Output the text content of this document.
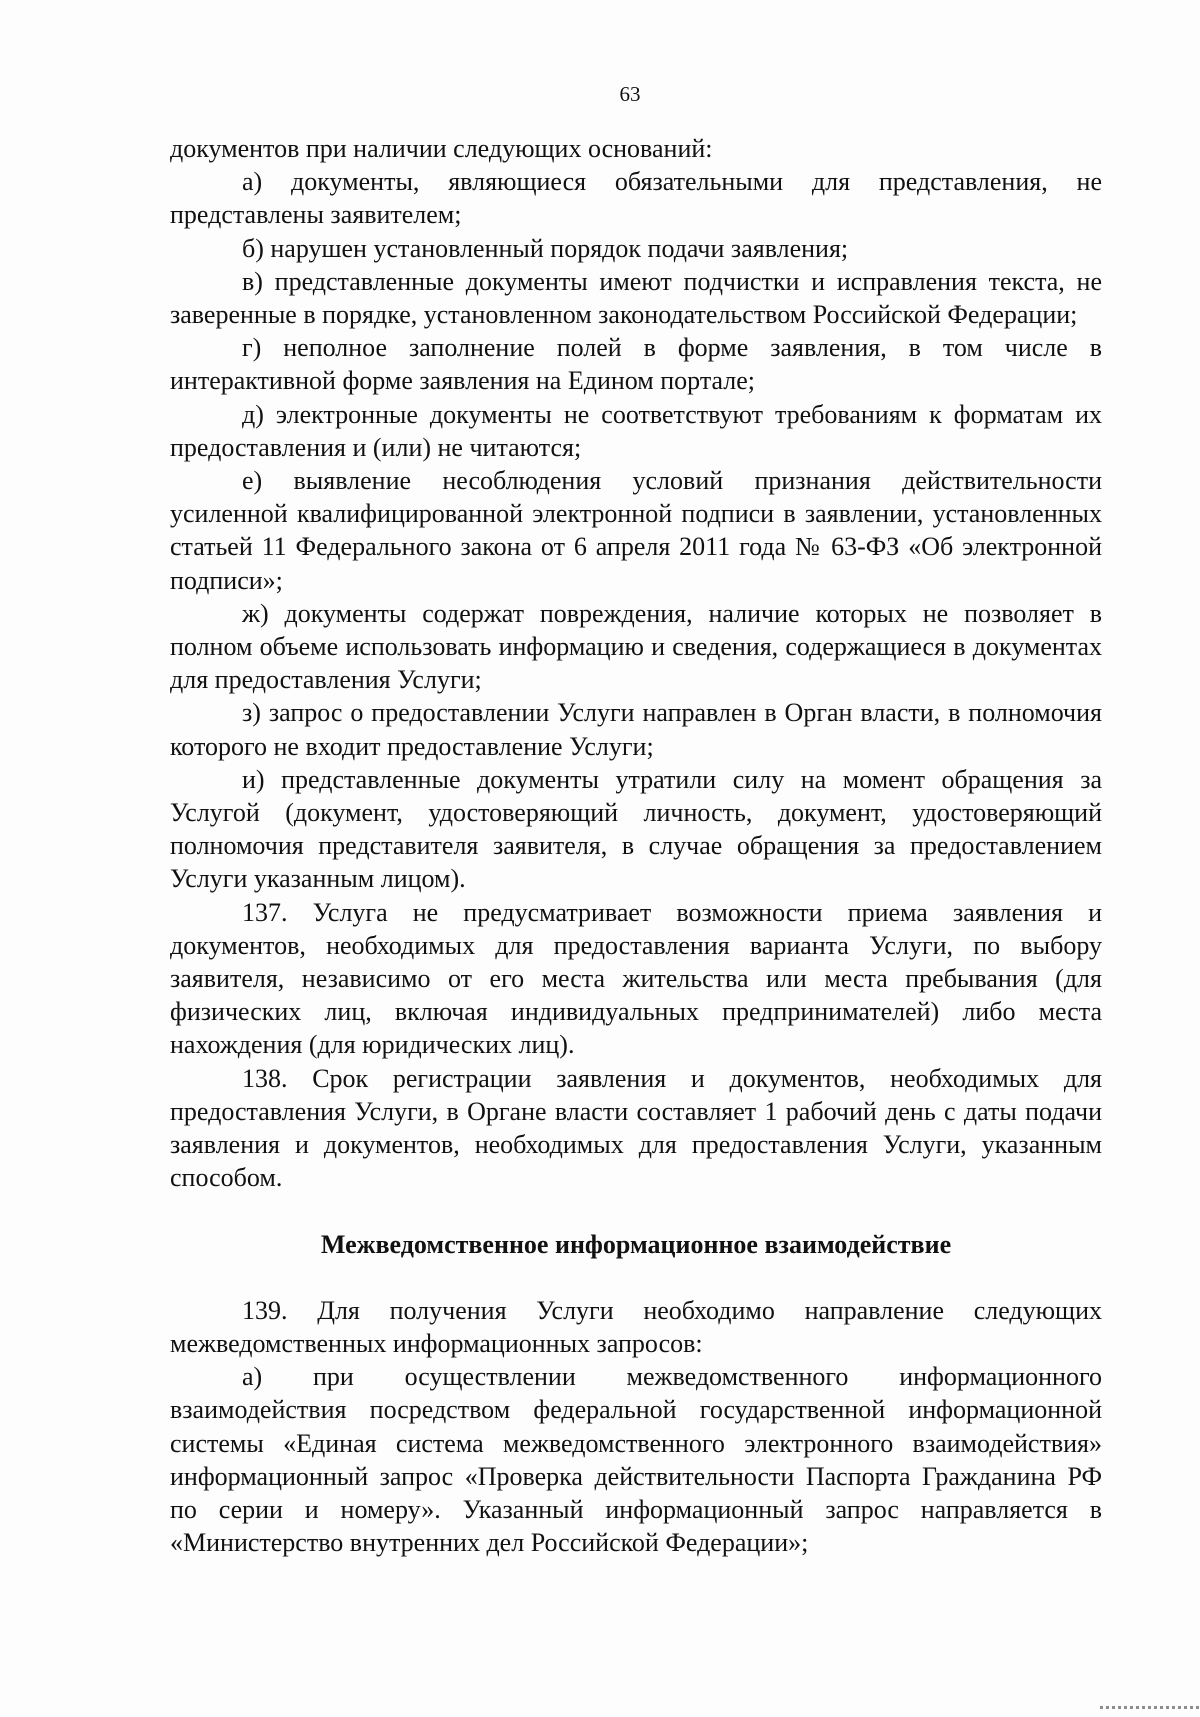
63

документов при наличии следующих оснований:

а) документы, являющиеся обязательными для представления, не представлены заявителем;

б) нарушен установленный порядок подачи заявления;

в) представленные документы имеют подчистки и исправления текста, не заверенные в порядке, установленном законодательством Российской Федерации;

г) неполное заполнение полей в форме заявления, в том числе в интерактивной форме заявления на Едином портале;

д) электронные документы не соответствуют требованиям к форматам их предоставления и (или) не читаются;

е) выявление несоблюдения условий признания действительности усиленной квалифицированной электронной подписи в заявлении, установленных статьей 11 Федерального закона от 6 апреля 2011 года № 63-ФЗ «Об электронной подписи»;

ж) документы содержат повреждения, наличие которых не позволяет в полном объеме использовать информацию и сведения, содержащиеся в документах для предоставления Услуги;

з) запрос о предоставлении Услуги направлен в Орган власти, в полномочия которого не входит предоставление Услуги;

и) представленные документы утратили силу на момент обращения за Услугой (документ, удостоверяющий личность, документ, удостоверяющий полномочия представителя заявителя, в случае обращения за предоставлением Услуги указанным лицом).

137. Услуга не предусматривает возможности приема заявления и документов, необходимых для предоставления варианта Услуги, по выбору заявителя, независимо от его места жительства или места пребывания (для физических лиц, включая индивидуальных предпринимателей) либо места нахождения (для юридических лиц).

138. Срок регистрации заявления и документов, необходимых для предоставления Услуги, в Органе власти составляет 1 рабочий день с даты подачи заявления и документов, необходимых для предоставления Услуги, указанным способом.

Межведомственное информационное взаимодействие

139. Для получения Услуги необходимо направление следующих межведомственных информационных запросов:

а) при осуществлении межведомственного информационного взаимодействия посредством федеральной государственной информационной системы «Единая система межведомственного электронного взаимодействия» информационный запрос «Проверка действительности Паспорта Гражданина РФ по серии и номеру». Указанный информационный запрос направляется в «Министерство внутренних дел Российской Федерации»;
